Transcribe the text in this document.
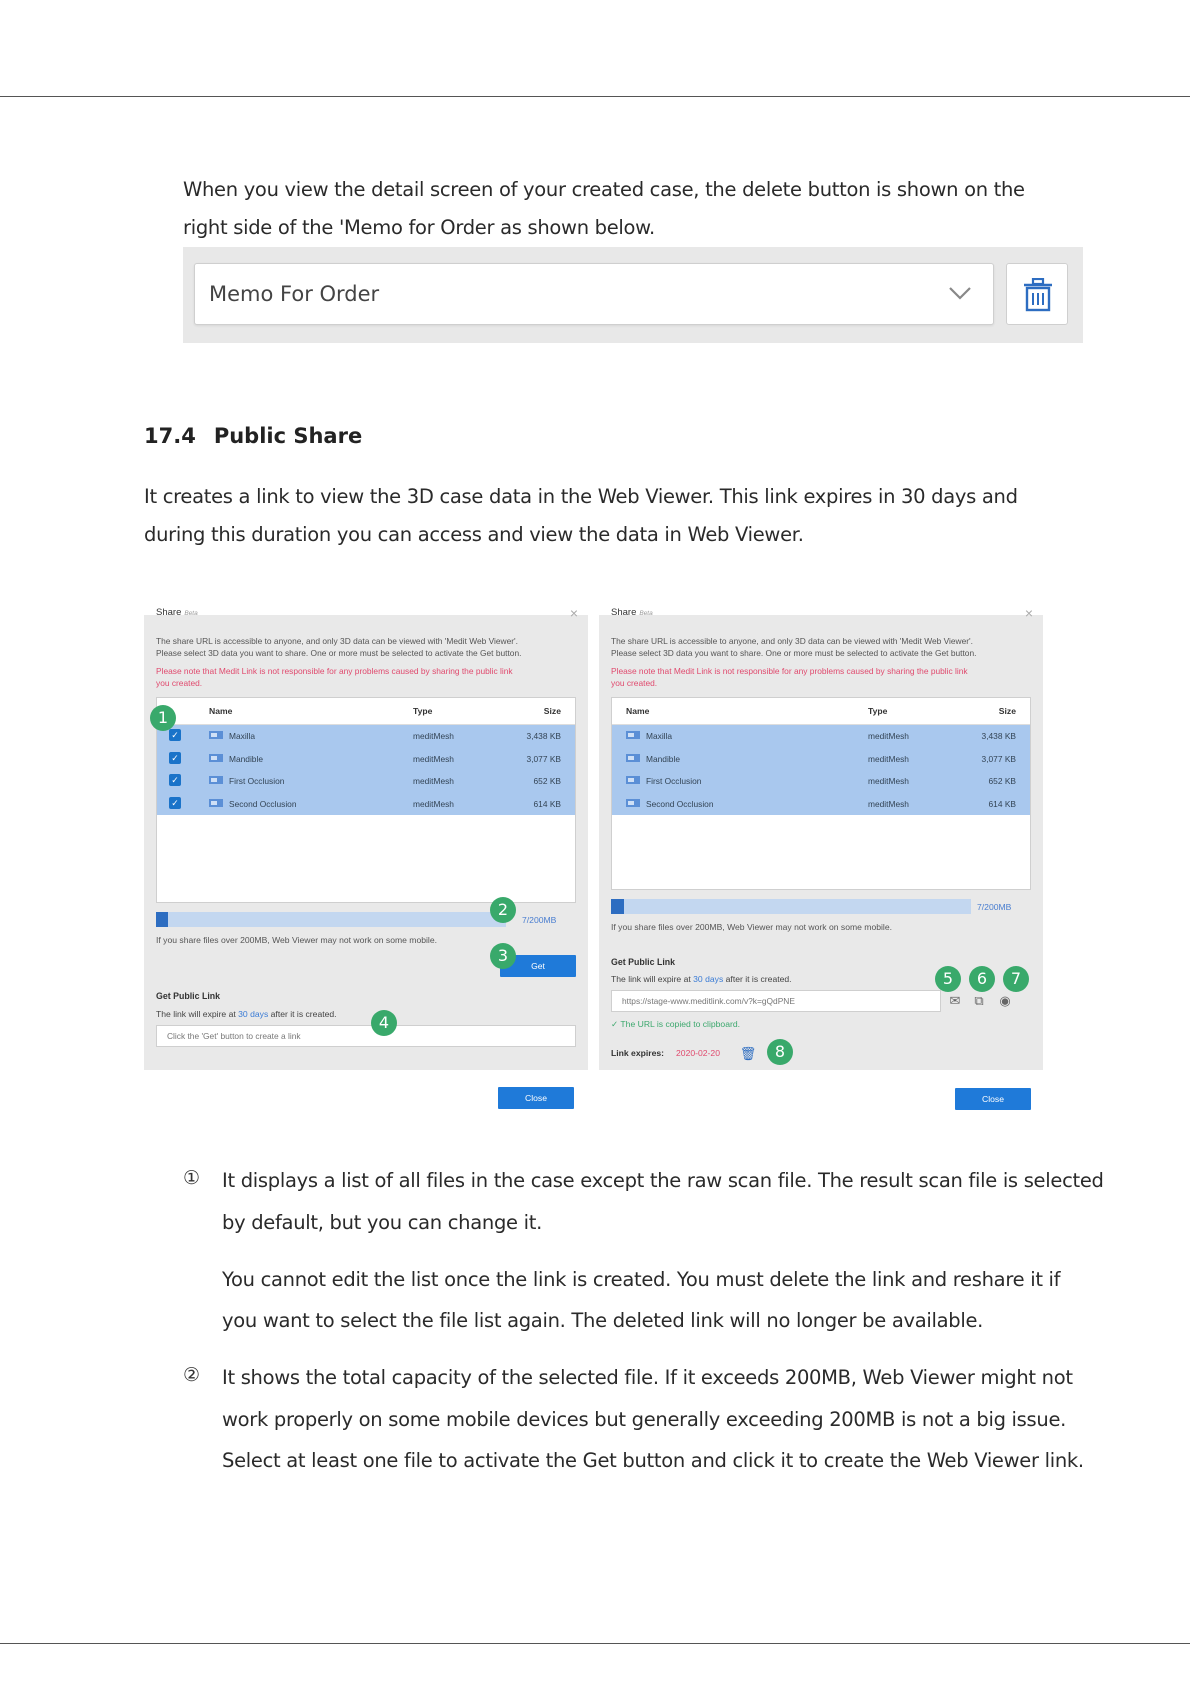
When you view the detail screen of your created case, the delete button is shown on the
right side of the 'Memo for Order as shown below.
Memo For Order
17.4 Public Share
It creates a link to view the 3D case data in the Web Viewer. This link expires in 30 days and
during this duration you can access and view the data in Web Viewer.
Share Beta	×
The share URL is accessible to anyone, and only 3D data can be viewed with 'Medit Web Viewer'.
Please select 3D data you want to share. One or more must be selected to activate the Get button.
Please note that Medit Link is not responsible for any problems caused by sharing the public link
you created.
Name	Type	Size
✓	Maxilla	meditMesh	3,438 KB
✓	Mandible	meditMesh	3,077 KB
✓	First Occlusion	meditMesh	652 KB
✓	Second Occlusion	meditMesh	614 KB
7/200MB
If you share files over 200MB, Web Viewer may not work on some mobile.
Get
Get Public Link
The link will expire at 30 days after it is created.
Click the 'Get' button to create a link
1
2
3
4
Close
Share Beta	×
The share URL is accessible to anyone, and only 3D data can be viewed with 'Medit Web Viewer'.
Please select 3D data you want to share. One or more must be selected to activate the Get button.
Please note that Medit Link is not responsible for any problems caused by sharing the public link
you created.
Name	Type	Size
Maxilla	meditMesh	3,438 KB
Mandible	meditMesh	3,077 KB
First Occlusion	meditMesh	652 KB
Second Occlusion	meditMesh	614 KB
7/200MB
If you share files over 200MB, Web Viewer may not work on some mobile.
Get Public Link
The link will expire at 30 days after it is created.
https://stage-www.meditlink.com/v?k=gQdPNE	✉	⧉	◉
✓ The URL is copied to clipboard.
Link expires: 2020-02-20 🗑
5	6	7
8
Close
① It displays a list of all files in the case except the raw scan file. The result scan file is selected
by default, but you can change it.
You cannot edit the list once the link is created. You must delete the link and reshare it if
you want to select the file list again. The deleted link will no longer be available.
② It shows the total capacity of the selected file. If it exceeds 200MB, Web Viewer might not
work properly on some mobile devices but generally exceeding 200MB is not a big issue.
Select at least one file to activate the Get button and click it to create the Web Viewer link.
